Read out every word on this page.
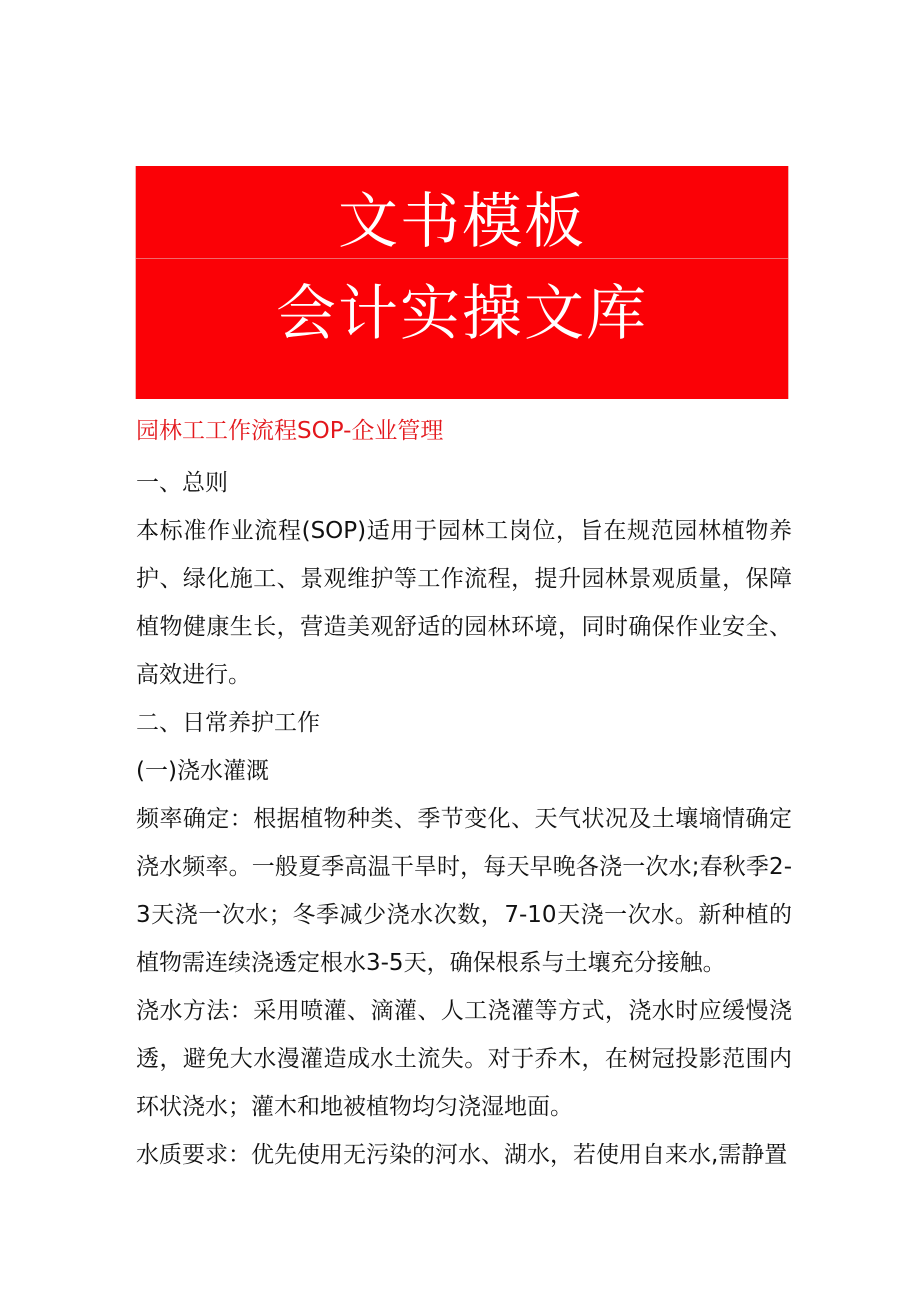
文书模板
会计实操文库
园林工工作流程SOP-企业管理

一、总则

本标准作业流程(SOP)适用于园林工岗位，旨在规范园林植物养护、绿化施工、景观维护等工作流程，提升园林景观质量，保障植物健康生长，营造美观舒适的园林环境，同时确保作业安全、高效进行。

二、日常养护工作

(一)浇水灌溉

频率确定：根据植物种类、季节变化、天气状况及土壤墒情确定浇水频率。一般夏季高温干旱时，每天早晚各浇一次水;春秋季2-3天浇一次水；冬季减少浇水次数，7-10天浇一次水。新种植的植物需连续浇透定根水3-5天，确保根系与土壤充分接触。

浇水方法：采用喷灌、滴灌、人工浇灌等方式，浇水时应缓慢浇透，避免大水漫灌造成水土流失。对于乔木，在树冠投影范围内环状浇水；灌木和地被植物均匀浇湿地面。

水质要求：优先使用无污染的河水、湖水，若使用自来水,需静置
